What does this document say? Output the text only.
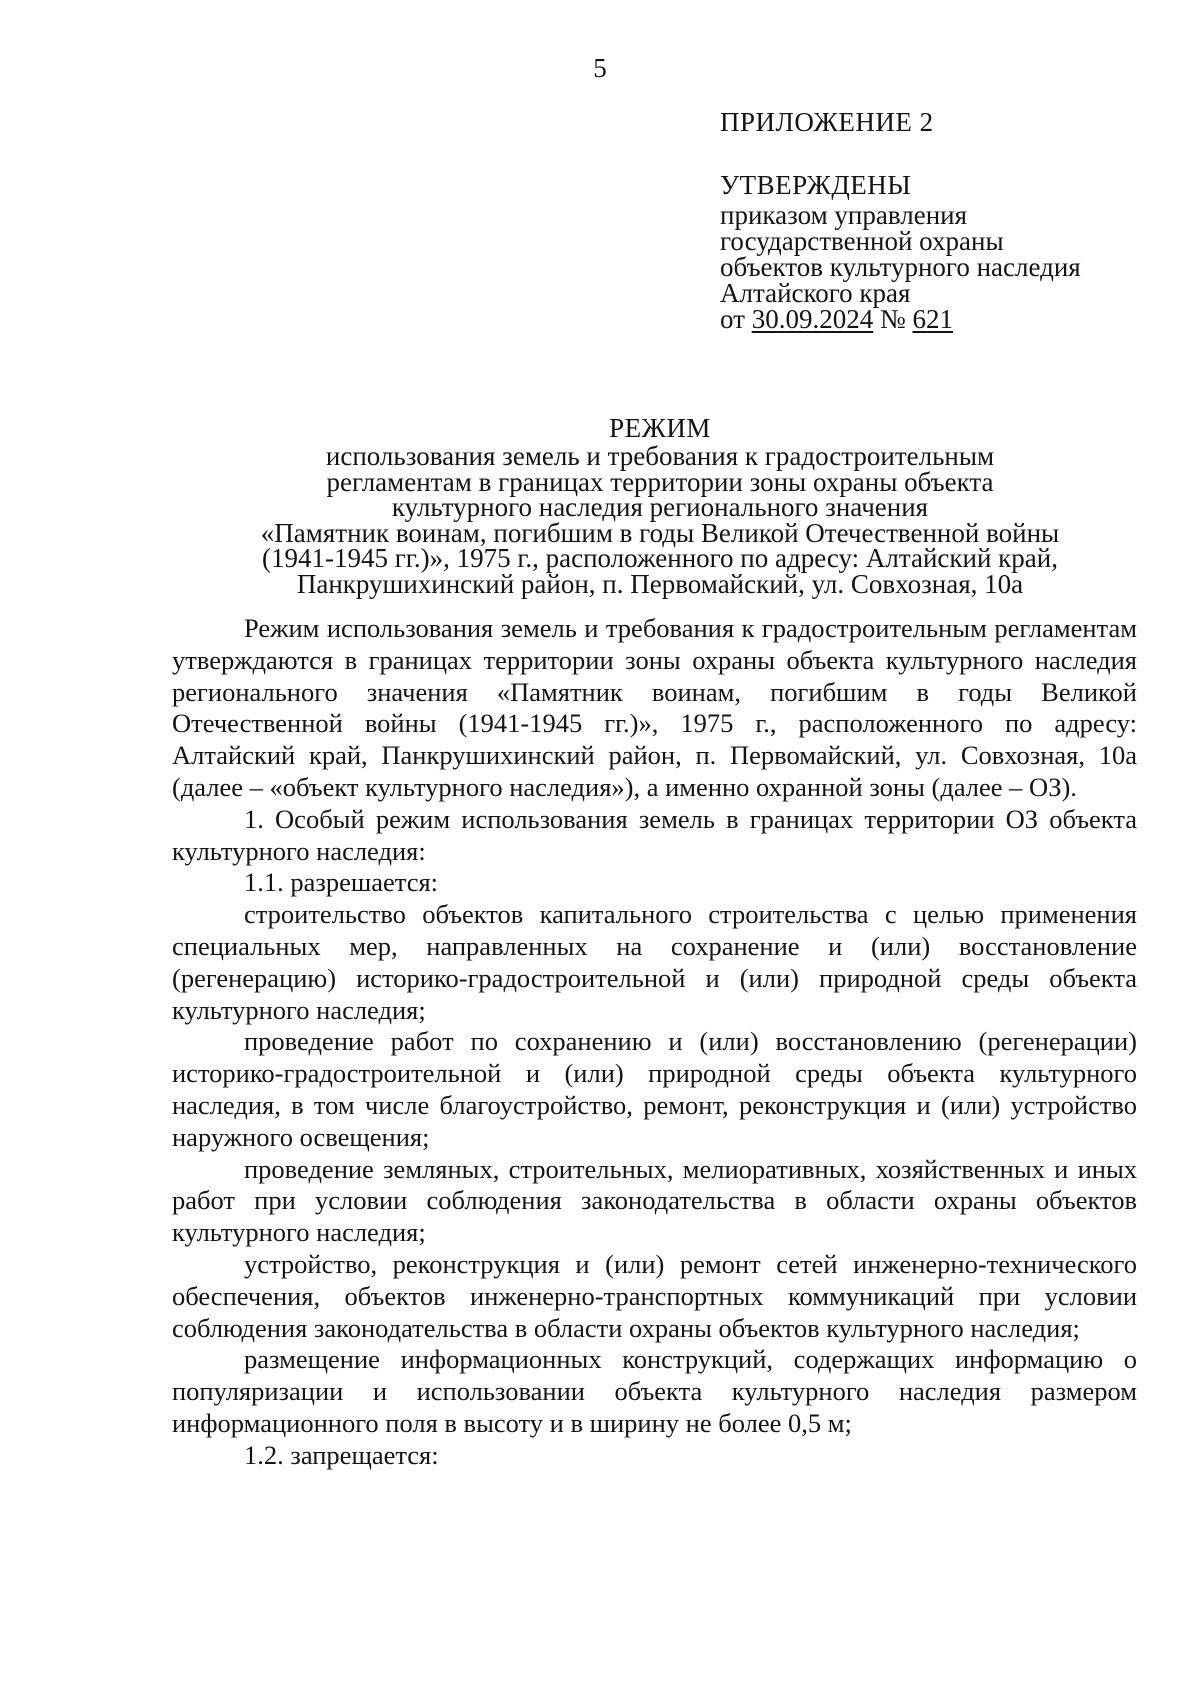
5
ПРИЛОЖЕНИЕ 2
УТВЕРЖДЕНЫ
приказом управления
государственной охраны
объектов культурного наследия
Алтайского края
от 30.09.2024 № 621
РЕЖИМ
использования земель и требования к градостроительным
регламентам в границах территории зоны охраны объекта
культурного наследия регионального значения
«Памятник воинам, погибшим в годы Великой Отечественной войны
(1941-1945 гг.)», 1975 г., расположенного по адресу: Алтайский край,
Панкрушихинский район, п. Первомайский, ул. Совхозная, 10а

Режим использования земель и требования к градостроительным регламентам утверждаются в границах территории зоны охраны объекта культурного наследия регионального значения «Памятник воинам, погибшим в годы Великой Отечественной войны (1941-1945 гг.)», 1975 г., расположенного по адресу: Алтайский край, Панкрушихинский район, п. Первомайский, ул. Совхозная, 10а (далее – «объект культурного наследия»), а именно охранной зоны (далее – ОЗ).

1. Особый режим использования земель в границах территории ОЗ объекта культурного наследия:

1.1. разрешается:

строительство объектов капитального строительства с целью применения специальных мер, направленных на сохранение и (или) восстановление (регенерацию) историко-градостроительной и (или) природной среды объекта культурного наследия;

проведение работ по сохранению и (или) восстановлению (регенерации) историко-градостроительной и (или) природной среды объекта культурного наследия, в том числе благоустройство, ремонт, реконструкция и (или) устройство наружного освещения;

проведение земляных, строительных, мелиоративных, хозяйственных и иных работ при условии соблюдения законодательства в области охраны объектов культурного наследия;

устройство, реконструкция и (или) ремонт сетей инженерно-технического обеспечения, объектов инженерно-транспортных коммуникаций при условии соблюдения законодательства в области охраны объектов культурного наследия;

размещение информационных конструкций, содержащих информацию о популяризации и использовании объекта культурного наследия размером информационного поля в высоту и в ширину не более 0,5 м;

1.2. запрещается:
